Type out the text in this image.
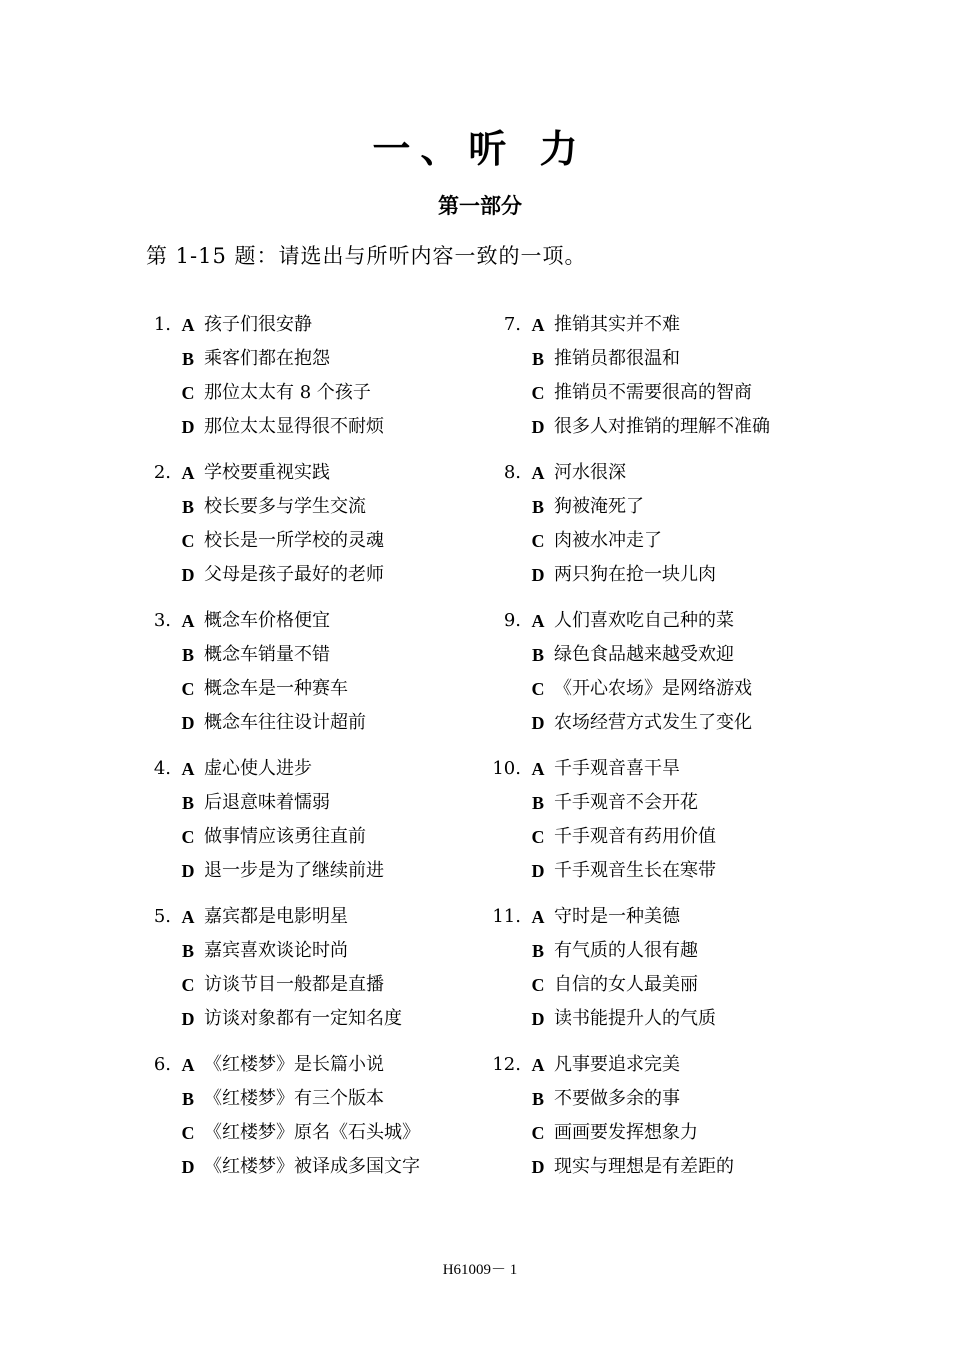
一、听 力
第一部分
第 1-15 题：请选出与所听内容一致的一项。
1. A 孩子们很安静
B 乘客们都在抱怨
C 那位太太有 8 个孩子
D 那位太太显得很不耐烦
2. A 学校要重视实践
B 校长要多与学生交流
C 校长是一所学校的灵魂
D 父母是孩子最好的老师
3. A 概念车价格便宜
B 概念车销量不错
C 概念车是一种赛车
D 概念车往往设计超前
4. A 虚心使人进步
B 后退意味着懦弱
C 做事情应该勇往直前
D 退一步是为了继续前进
5. A 嘉宾都是电影明星
B 嘉宾喜欢谈论时尚
C 访谈节目一般都是直播
D 访谈对象都有一定知名度
6. A 《红楼梦》是长篇小说
B 《红楼梦》有三个版本
C 《红楼梦》原名《石头城》
D 《红楼梦》被译成多国文字
7. A 推销其实并不难
B 推销员都很温和
C 推销员不需要很高的智商
D 很多人对推销的理解不准确
8. A 河水很深
B 狗被淹死了
C 肉被水冲走了
D 两只狗在抢一块儿肉
9. A 人们喜欢吃自己种的菜
B 绿色食品越来越受欢迎
C 《开心农场》是网络游戏
D 农场经营方式发生了变化
10. A 千手观音喜干旱
B 千手观音不会开花
C 千手观音有药用价值
D 千手观音生长在寒带
11. A 守时是一种美德
B 有气质的人很有趣
C 自信的女人最美丽
D 读书能提升人的气质
12. A 凡事要追求完美
B 不要做多余的事
C 画画要发挥想象力
D 现实与理想是有差距的
H61009－ 1
